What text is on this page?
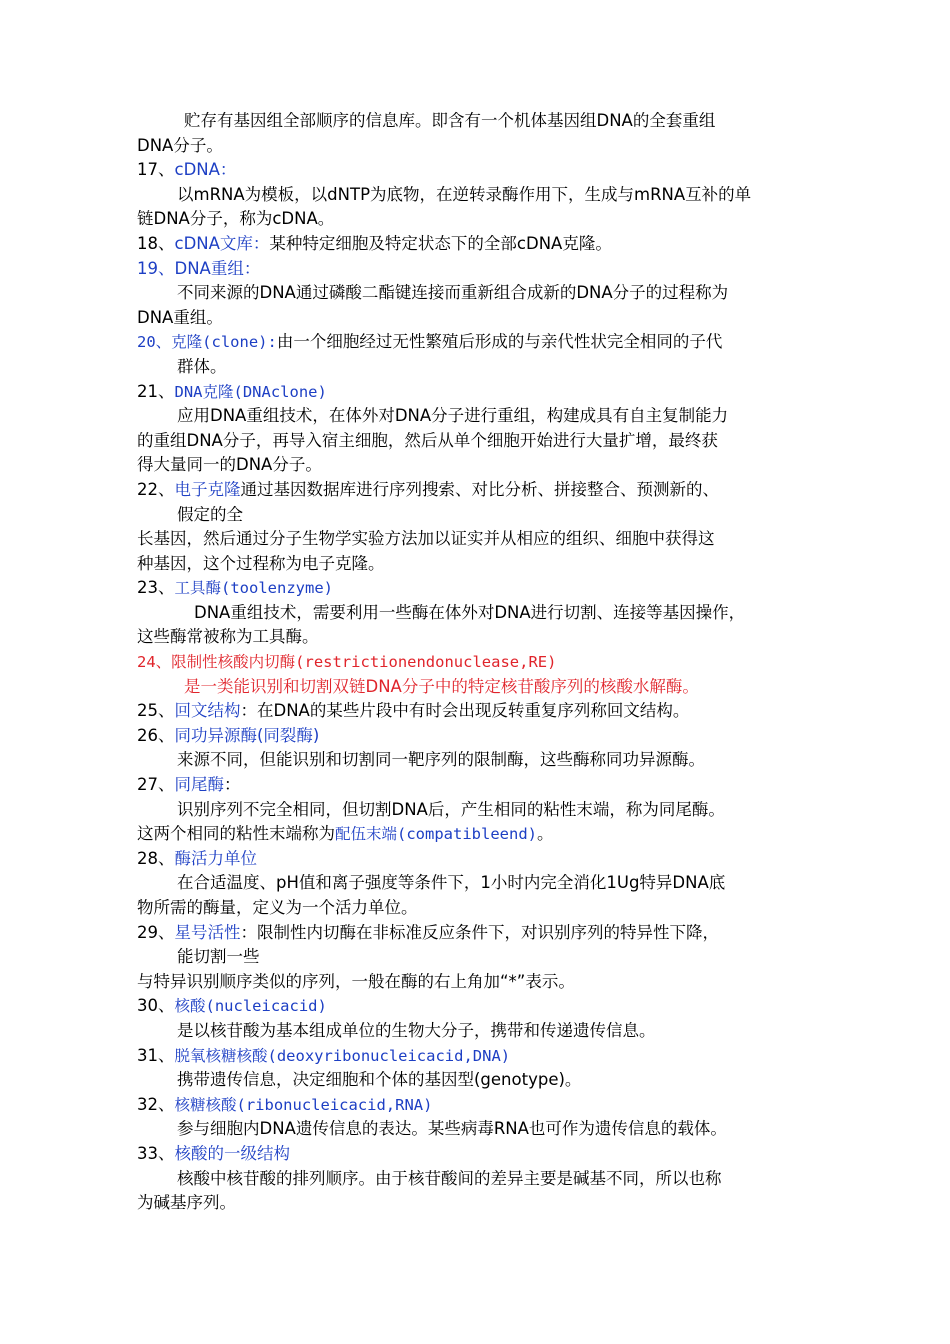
贮存有基因组全部顺序的信息库。即含有一个机体基因组DNA的全套重组
DNA分子。
17、cDNA：
以mRNA为模板，以dNTP为底物，在逆转录酶作用下，生成与mRNA互补的单
链DNA分子，称为cDNA。
18、cDNA文库：某种特定细胞及特定状态下的全部cDNA克隆。
19、DNA重组：
不同来源的DNA通过磷酸二酯键连接而重新组合成新的DNA分子的过程称为
DNA重组。
20、克隆(clone):由一个细胞经过无性繁殖后形成的与亲代性状完全相同的子代
群体。
21、DNA克隆(DNAclone)
应用DNA重组技术，在体外对DNA分子进行重组，构建成具有自主复制能力
的重组DNA分子，再导入宿主细胞，然后从单个细胞开始进行大量扩增，最终获
得大量同一的DNA分子。
22、电子克隆通过基因数据库进行序列搜索、对比分析、拼接整合、预测新的、
假定的全
长基因，然后通过分子生物学实验方法加以证实并从相应的组织、细胞中获得这
种基因，这个过程称为电子克隆。
23、工具酶(toolenzyme)
DNA重组技术，需要利用一些酶在体外对DNA进行切割、连接等基因操作，
这些酶常被称为工具酶。
24、限制性核酸内切酶(restrictionendonuclease,RE)
是一类能识别和切割双链DNA分子中的特定核苷酸序列的核酸水解酶。
25、回文结构：在DNA的某些片段中有时会出现反转重复序列称回文结构。
26、同功异源酶(同裂酶)
来源不同，但能识别和切割同一靶序列的限制酶，这些酶称同功异源酶。
27、同尾酶：
识别序列不完全相同，但切割DNA后，产生相同的粘性末端，称为同尾酶。
这两个相同的粘性末端称为配伍末端(compatibleend)。
28、酶活力单位
在合适温度、pH值和离子强度等条件下，1小时内完全消化1Ug特异DNA底
物所需的酶量，定义为一个活力单位。
29、星号活性：限制性内切酶在非标准反应条件下，对识别序列的特异性下降，
能切割一些
与特异识别顺序类似的序列，一般在酶的右上角加“*”表示。
30、核酸(nucleicacid)
是以核苷酸为基本组成单位的生物大分子，携带和传递遗传信息。
31、脱氧核糖核酸(deoxyribonucleicacid,DNA)
携带遗传信息，决定细胞和个体的基因型(genotype)。
32、核糖核酸(ribonucleicacid,RNA)
参与细胞内DNA遗传信息的表达。某些病毒RNA也可作为遗传信息的载体。
33、核酸的一级结构
核酸中核苷酸的排列顺序。由于核苷酸间的差异主要是碱基不同，所以也称
为碱基序列。
